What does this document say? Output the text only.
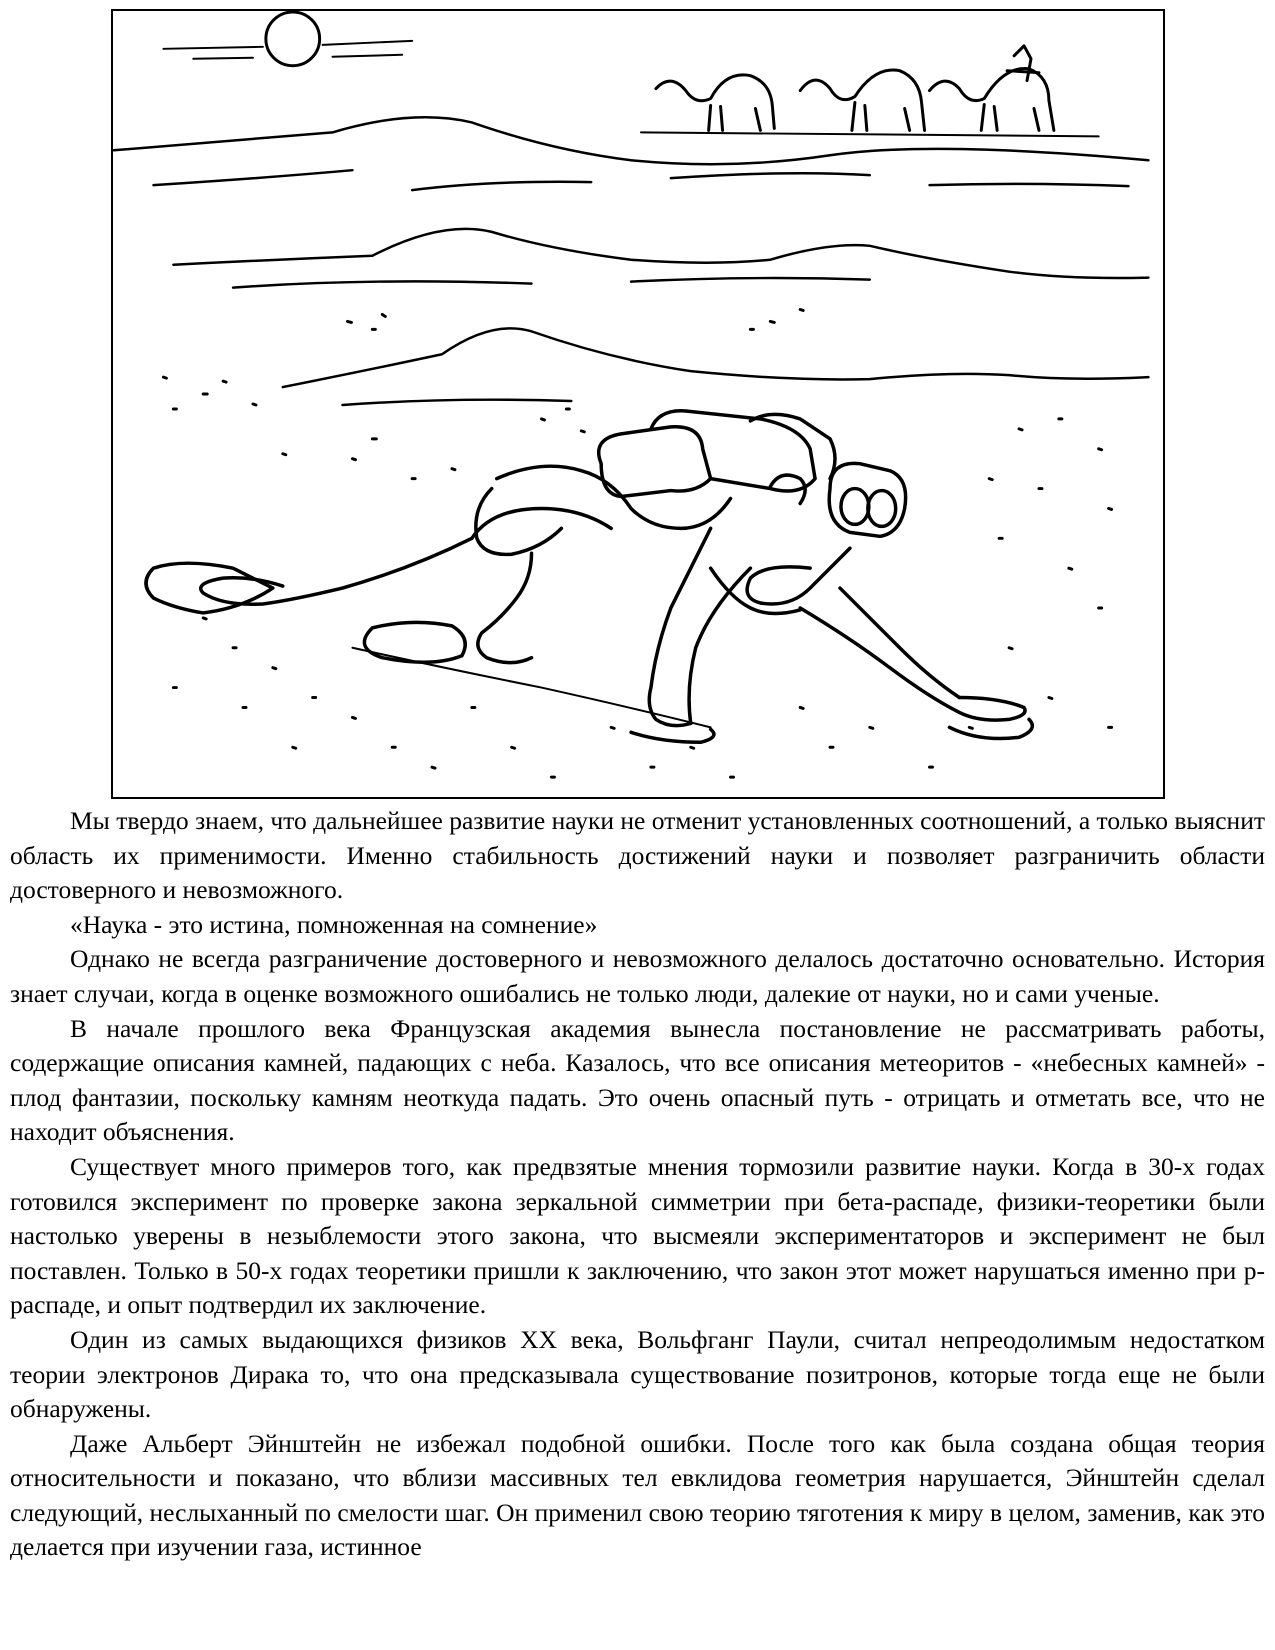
Мы твердо знаем, что дальнейшее развитие науки не отменит установленных соотношений, а только выяснит область их применимости. Именно стабильность достижений науки и позволяет разграничить области достоверного и невозможного.

«Наука - это истина, помноженная на сомнение»

Однако не всегда разграничение достоверного и невозможного делалось достаточно основательно. История знает случаи, когда в оценке возможного ошибались не только люди, далекие от науки, но и сами ученые.

В начале прошлого века Французская академия вынесла постановление не рассматривать работы, содержащие описания камней, падающих с неба. Казалось, что все описания метеоритов - «небесных камней» - плод фантазии, поскольку камням неоткуда падать. Это очень опасный путь - отрицать и отметать все, что не находит объяснения.

Существует много примеров того, как предвзятые мнения тормозили развитие науки. Когда в 30-х годах готовился эксперимент по проверке закона зеркальной симметрии при бета-распаде, физики-теоретики были настолько уверены в незыблемости этого закона, что высмеяли экспериментаторов и эксперимент не был поставлен. Только в 50-х годах теоретики пришли к заключению, что закон этот может нарушаться именно при р-распаде, и опыт подтвердил их заключение.

Один из самых выдающихся физиков XX века, Вольфганг Паули, считал непреодолимым недостатком теории электронов Дирака то, что она предсказывала существование позитронов, которые тогда еще не были обнаружены.

Даже Альберт Эйнштейн не избежал подобной ошибки. После того как была создана общая теория относительности и показано, что вблизи массивных тел евклидова геометрия нарушается, Эйнштейн сделал следующий, неслыханный по смелости шаг. Он применил свою теорию тяготения к миру в целом, заменив, как это делается при изучении газа, истинное
